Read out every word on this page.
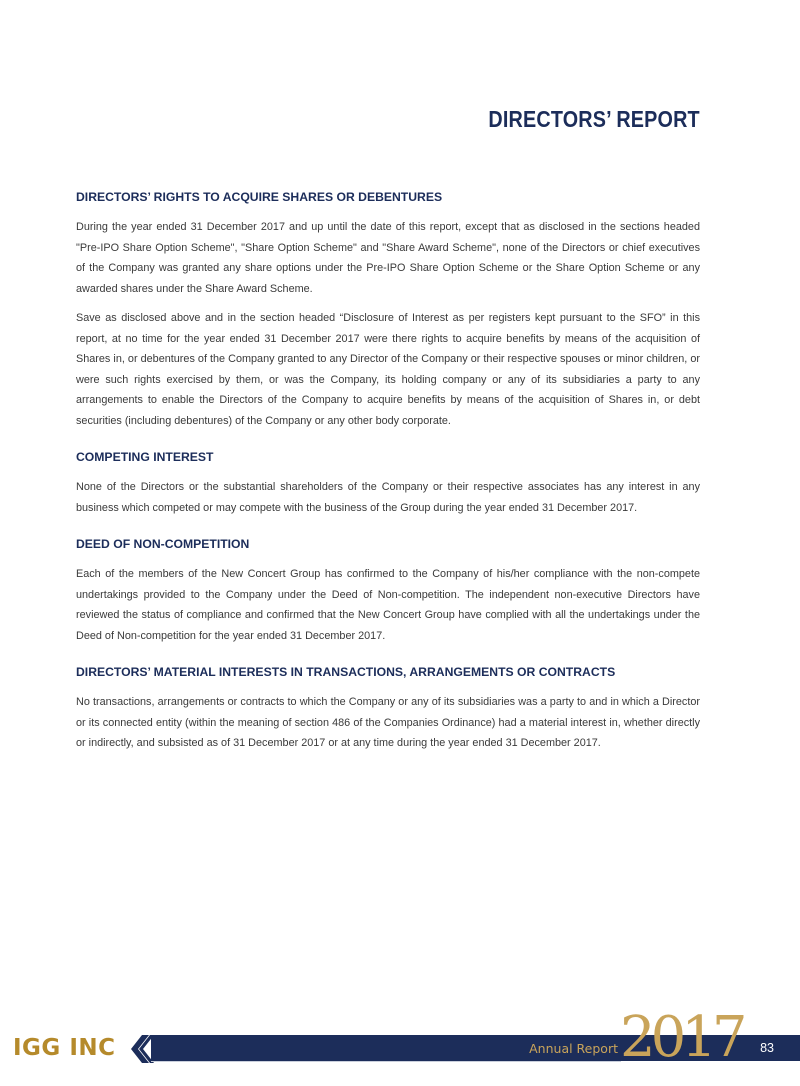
DIRECTORS’ REPORT
DIRECTORS’ RIGHTS TO ACQUIRE SHARES OR DEBENTURES

During the year ended 31 December 2017 and up until the date of this report, except that as disclosed in the sections headed "Pre-IPO Share Option Scheme", "Share Option Scheme" and "Share Award Scheme", none of the Directors or chief executives of the Company was granted any share options under the Pre-IPO Share Option Scheme or the Share Option Scheme or any awarded shares under the Share Award Scheme.

Save as disclosed above and in the section headed “Disclosure of Interest as per registers kept pursuant to the SFO” in this report, at no time for the year ended 31 December 2017 were there rights to acquire benefits by means of the acquisition of Shares in, or debentures of the Company granted to any Director of the Company or their respective spouses or minor children, or were such rights exercised by them, or was the Company, its holding company or any of its subsidiaries a party to any arrangements to enable the Directors of the Company to acquire benefits by means of the acquisition of Shares in, or debt securities (including debentures) of the Company or any other body corporate.

COMPETING INTEREST

None of the Directors or the substantial shareholders of the Company or their respective associates has any interest in any business which competed or may compete with the business of the Group during the year ended 31 December 2017.

DEED OF NON-COMPETITION

Each of the members of the New Concert Group has confirmed to the Company of his/her compliance with the non-compete undertakings provided to the Company under the Deed of Non-competition. The independent non-executive Directors have reviewed the status of compliance and confirmed that the New Concert Group have complied with all the undertakings under the Deed of Non-competition for the year ended 31 December 2017.

DIRECTORS’ MATERIAL INTERESTS IN TRANSACTIONS, ARRANGEMENTS OR CONTRACTS

No transactions, arrangements or contracts to which the Company or any of its subsidiaries was a party to and in which a Director or its connected entity (within the meaning of section 486 of the Companies Ordinance) had a material interest in, whether directly or indirectly, and subsisted as of 31 December 2017 or at any time during the year ended 31 December 2017.

IGG INC	Annual Report 2017 83
